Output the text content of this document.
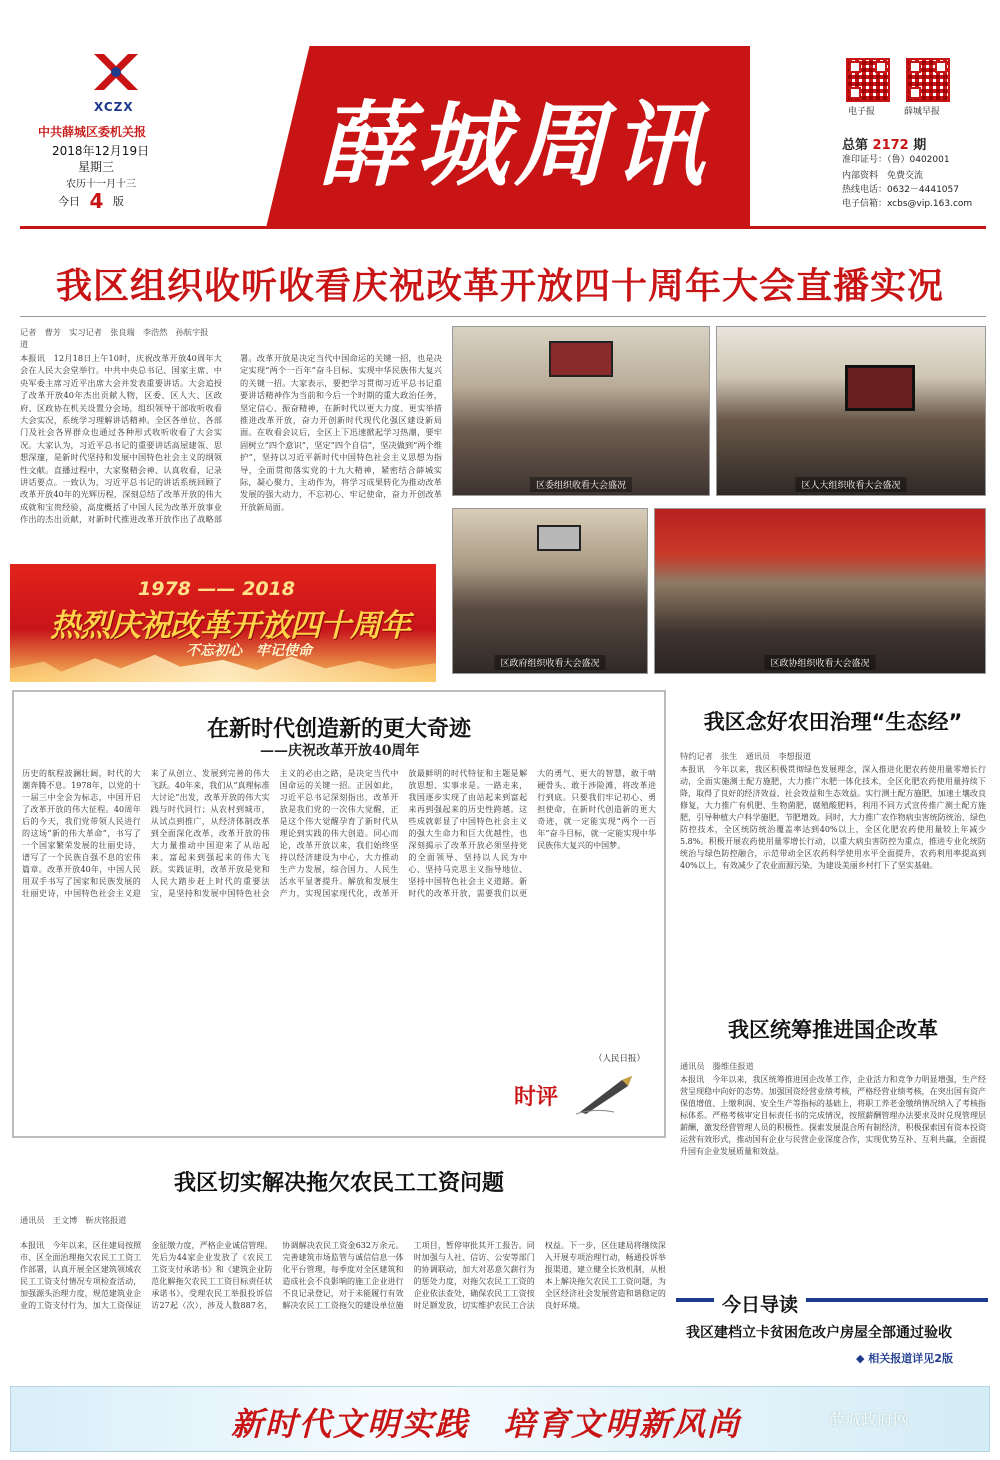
XCZX
中共薛城区委机关报
2018年12月19日
星期三
农历十一月十三
今日 4 版
薛城周讯	电子报	薛城早报
总第 2172 期
准印证号：（鲁）0402001
内部资料　免费交流
热线电话：0632－4441057
电子信箱：xcbs@vip.163.com
我区组织收听收看庆祝改革开放四十周年大会直播实况
记者　曹芳　实习记者　张良瑞　李浩然　孙航宇报道
本报讯　12月18日上午10时，庆祝改革开放40周年大会在人民大会堂举行。中共中央总书记、国家主席、中央军委主席习近平出席大会并发表重要讲话。大会追授了改革开放40年杰出贡献人物，区委、区人大、区政府、区政协在机关设置分会场，组织领导干部收听收看大会实况，系统学习理解讲话精神。全区各单位、各部门及社会各界群众也通过各种形式收听收看了大会实况。大家认为，习近平总书记的重要讲话高屋建瓴、思想深邃，是新时代坚持和发展中国特色社会主义的纲领性文献。直播过程中，大家聚精会神、认真收看，记录讲话要点。一致认为，习近平总书记的讲话系统回顾了改革开放40年的光辉历程，深刻总结了改革开放的伟大成就和宝贵经验，高度概括了中国人民为改革开放事业作出的杰出贡献，对新时代推进改革开放作出了战略部署。改革开放是决定当代中国命运的关键一招，也是决定实现“两个一百年”奋斗目标、实现中华民族伟大复兴的关键一招。大家表示，要把学习贯彻习近平总书记重要讲话精神作为当前和今后一个时期的重大政治任务，坚定信心、振奋精神，在新时代以更大力度、更实举措推进改革开放，奋力开创新时代现代化强区建设新局面。在收看会议后，全区上下迅速掀起学习热潮，要牢固树立“四个意识”，坚定“四个自信”，坚决做到“两个维护”，坚持以习近平新时代中国特色社会主义思想为指导，全面贯彻落实党的十九大精神，紧密结合薛城实际，凝心聚力、主动作为，将学习成果转化为推动改革发展的强大动力，不忘初心、牢记使命，奋力开创改革开放新局面。
1978 —— 2018
热烈庆祝改革开放四十周年
不忘初心　牢记使命
区委组织收看大会盛况	区人大组织收看大会盛况
区政府组织收看大会盛况	区政协组织收看大会盛况
在新时代创造新的更大奇迹
——庆祝改革开放40周年
历史的航程波澜壮阔，时代的大潮奔腾不息。1978年，以党的十一届三中全会为标志，中国开启了改革开放的伟大征程。40周年后的今天，我们党带领人民进行的这场“新的伟大革命”，书写了一个国家繁荣发展的壮丽史诗，谱写了一个民族自强不息的宏伟篇章。改革开放40年，中国人民用双手书写了国家和民族发展的壮丽史诗，中国特色社会主义迎来了从创立、发展到完善的伟大飞跃。40年来，我们从“真理标准大讨论”出发，改革开放的伟大实践与时代同行；从农村到城市，从试点到推广，从经济体制改革到全面深化改革，改革开放的伟大力量推动中国迎来了从站起来、富起来到强起来的伟大飞跃。实践证明，改革开放是党和人民大踏步赶上时代的重要法宝，是坚持和发展中国特色社会主义的必由之路，是决定当代中国命运的关键一招。正因如此，习近平总书记深刻指出，改革开放是我们党的一次伟大觉醒，正是这个伟大觉醒孕育了新时代从理论到实践的伟大创造。同心而论，改革开放以来，我们始终坚持以经济建设为中心，大力推动生产力发展，综合国力、人民生活水平显著提升。解放和发展生产力，实现国家现代化，改革开放最鲜明的时代特征和主题是解放思想、实事求是。一路走来，我国逐步实现了由站起来到富起来再到强起来的历史性跨越。这些成就彰显了中国特色社会主义的强大生命力和巨大优越性，也深刻揭示了改革开放必须坚持党的全面领导、坚持以人民为中心、坚持马克思主义指导地位、坚持中国特色社会主义道路。新时代的改革开放，需要我们以更大的勇气、更大的智慧，敢于啃硬骨头、敢于涉险滩，将改革进行到底。只要我们牢记初心、勇担使命，在新时代创造新的更大奇迹，就一定能实现“两个一百年”奋斗目标，就一定能实现中华民族伟大复兴的中国梦。
（人民日报）
时评
我区切实解决拖欠农民工工资问题
通讯员　王文博　靳庆铭报道
本报讯　今年以来，区住建局按照市、区全面治理拖欠农民工工资工作部署，认真开展全区建筑领域农民工工资支付情况专项检查活动，加强源头治理力度，规范建筑业企业的工资支付行为，加大工资保证金征缴力度，严格企业诚信管理。先后为44家企业发放了《农民工工资支付承诺书》和《建筑企业防范化解拖欠农民工工资目标责任状承诺书》，受理农民工举报投诉信访27起（次），涉及人数887名，协调解决农民工资金632万余元。完善建筑市场监管与诚信信息一体化平台管理，每季度对全区建筑和造成社会不良影响的施工企业进行不良记录登记，对于未能履行有效解决农民工工资拖欠的建设单位施工项目，暂停审批其开工报告。同时加强与人社、信访、公安等部门的协调联动，加大对恶意欠薪行为的惩处力度，对拖欠农民工工资的企业依法查处，确保农民工工资按时足额发放，切实维护农民工合法权益。下一步，区住建局将继续深入开展专项治理行动，畅通投诉举报渠道，建立健全长效机制，从根本上解决拖欠农民工工资问题，为全区经济社会发展营造和谐稳定的良好环境。
我区念好农田治理“生态经”
特约记者　张生　通讯员　李想报道
本报讯　今年以来，我区积极贯彻绿色发展理念，深入推进化肥农药使用量零增长行动，全面实施测土配方施肥，大力推广水肥一体化技术，全区化肥农药使用量持续下降，取得了良好的经济效益、社会效益和生态效益。实行测土配方施肥，加速土壤改良修复，大力推广有机肥、生物菌肥，腐殖酸肥料，利用不同方式宣传推广测土配方施肥，引导种植大户科学施肥，节肥增效。同时，大力推广农作物病虫害统防统治、绿色防控技术，全区统防统治覆盖率达到40%以上，全区化肥农药使用量较上年减少5.8%。积极开展农药使用量零增长行动，以重大病虫害防控为重点，推进专业化统防统治与绿色防控融合，示范带动全区农药科学使用水平全面提升，农药利用率提高到40%以上，有效减少了农业面源污染，为建设美丽乡村打下了坚实基础。
我区统筹推进国企改革
通讯员　滕维佳报道
本报讯　今年以来，我区统筹推进国企改革工作，企业活力和竞争力明显增强，生产经营呈现稳中向好的态势。加强国资经营业绩考核，严格经营业绩考核，在突出国有资产保值增值、上缴利润、安全生产等指标的基础上，将职工养老金缴纳情况纳入了考核指标体系。严格考核审定目标责任书的完成情况，按照薪酬管理办法要求及时兑现管理层薪酬，激发经营管理人员的积极性。探索发展混合所有制经济，积极探索国有资本投资运营有效形式，推动国有企业与民营企业深度合作，实现优势互补、互利共赢，全面提升国有企业发展质量和效益。
今日导读
我区建档立卡贫困危改户房屋全部通过验收
◆ 相关报道详见2版
新时代文明实践　培育文明新风尚	薛城政府网
